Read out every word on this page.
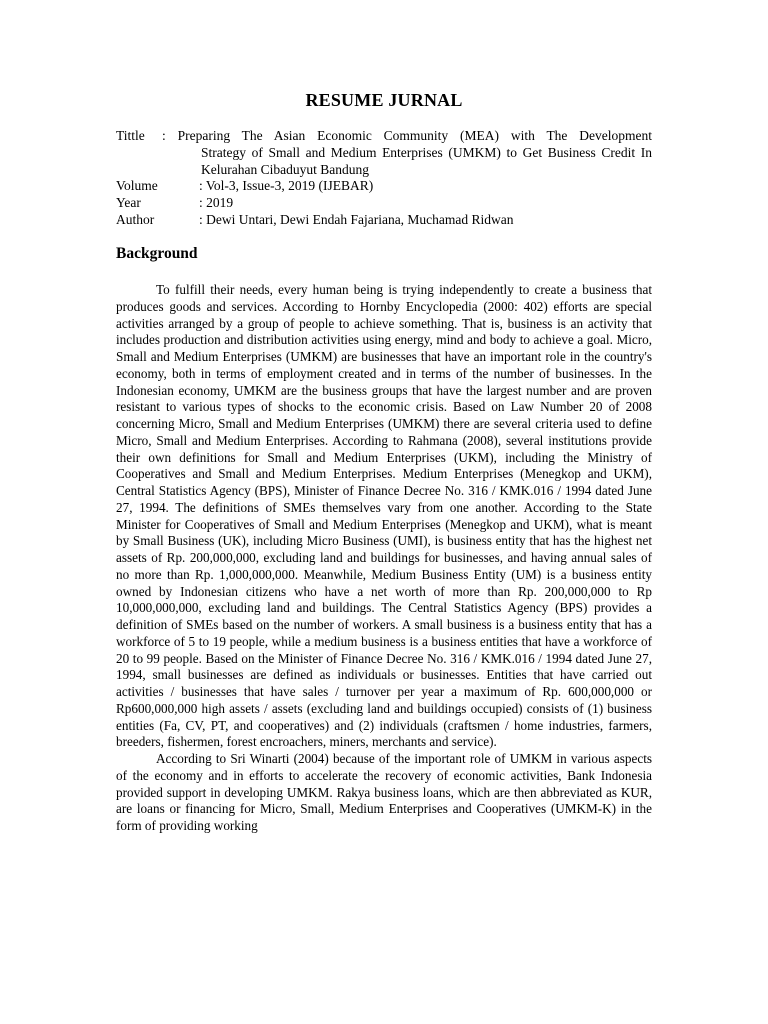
RESUME JURNAL
Tittle	: Preparing The Asian Economic Community (MEA) with The Development
Strategy of Small and Medium Enterprises (UMKM) to Get Business Credit In Kelurahan Cibaduyut Bandung
Volume	: Vol-3, Issue-3, 2019 (IJEBAR)
Year	: 2019
Author	: Dewi Untari, Dewi Endah Fajariana, Muchamad Ridwan
Background

To fulfill their needs, every human being is trying independently to create a business that produces goods and services. According to Hornby Encyclopedia (2000: 402) efforts are special activities arranged by a group of people to achieve something. That is, business is an activity that includes production and distribution activities using energy, mind and body to achieve a goal. Micro, Small and Medium Enterprises (UMKM) are businesses that have an important role in the country's economy, both in terms of employment created and in terms of the number of businesses. In the Indonesian economy, UMKM are the business groups that have the largest number and are proven resistant to various types of shocks to the economic crisis. Based on Law Number 20 of 2008 concerning Micro, Small and Medium Enterprises (UMKM) there are several criteria used to define Micro, Small and Medium Enterprises. According to Rahmana (2008), several institutions provide their own definitions for Small and Medium Enterprises (UKM), including the Ministry of Cooperatives and Small and Medium Enterprises. Medium Enterprises (Menegkop and UKM), Central Statistics Agency (BPS), Minister of Finance Decree No. 316 / KMK.016 / 1994 dated June 27, 1994. The definitions of SMEs themselves vary from one another. According to the State Minister for Cooperatives of Small and Medium Enterprises (Menegkop and UKM), what is meant by Small Business (UK), including Micro Business (UMI), is business entity that has the highest net assets of Rp. 200,000,000, excluding land and buildings for businesses, and having annual sales of no more than Rp. 1,000,000,000. Meanwhile, Medium Business Entity (UM) is a business entity owned by Indonesian citizens who have a net worth of more than Rp. 200,000,000 to Rp 10,000,000,000, excluding land and buildings. The Central Statistics Agency (BPS) provides a definition of SMEs based on the number of workers. A small business is a business entity that has a workforce of 5 to 19 people, while a medium business is a business entities that have a workforce of 20 to 99 people. Based on the Minister of Finance Decree No. 316 / KMK.016 / 1994 dated June 27, 1994, small businesses are defined as individuals or businesses. Entities that have carried out activities / businesses that have sales / turnover per year a maximum of Rp. 600,000,000 or Rp600,000,000 high assets / assets (excluding land and buildings occupied) consists of (1) business entities (Fa, CV, PT, and cooperatives) and (2) individuals (craftsmen / home industries, farmers, breeders, fishermen, forest encroachers, miners, merchants and service).

According to Sri Winarti (2004) because of the important role of UMKM in various aspects of the economy and in efforts to accelerate the recovery of economic activities, Bank Indonesia provided support in developing UMKM. Rakya business loans, which are then abbreviated as KUR, are loans or financing for Micro, Small, Medium Enterprises and Cooperatives (UMKM-K) in the form of providing working
